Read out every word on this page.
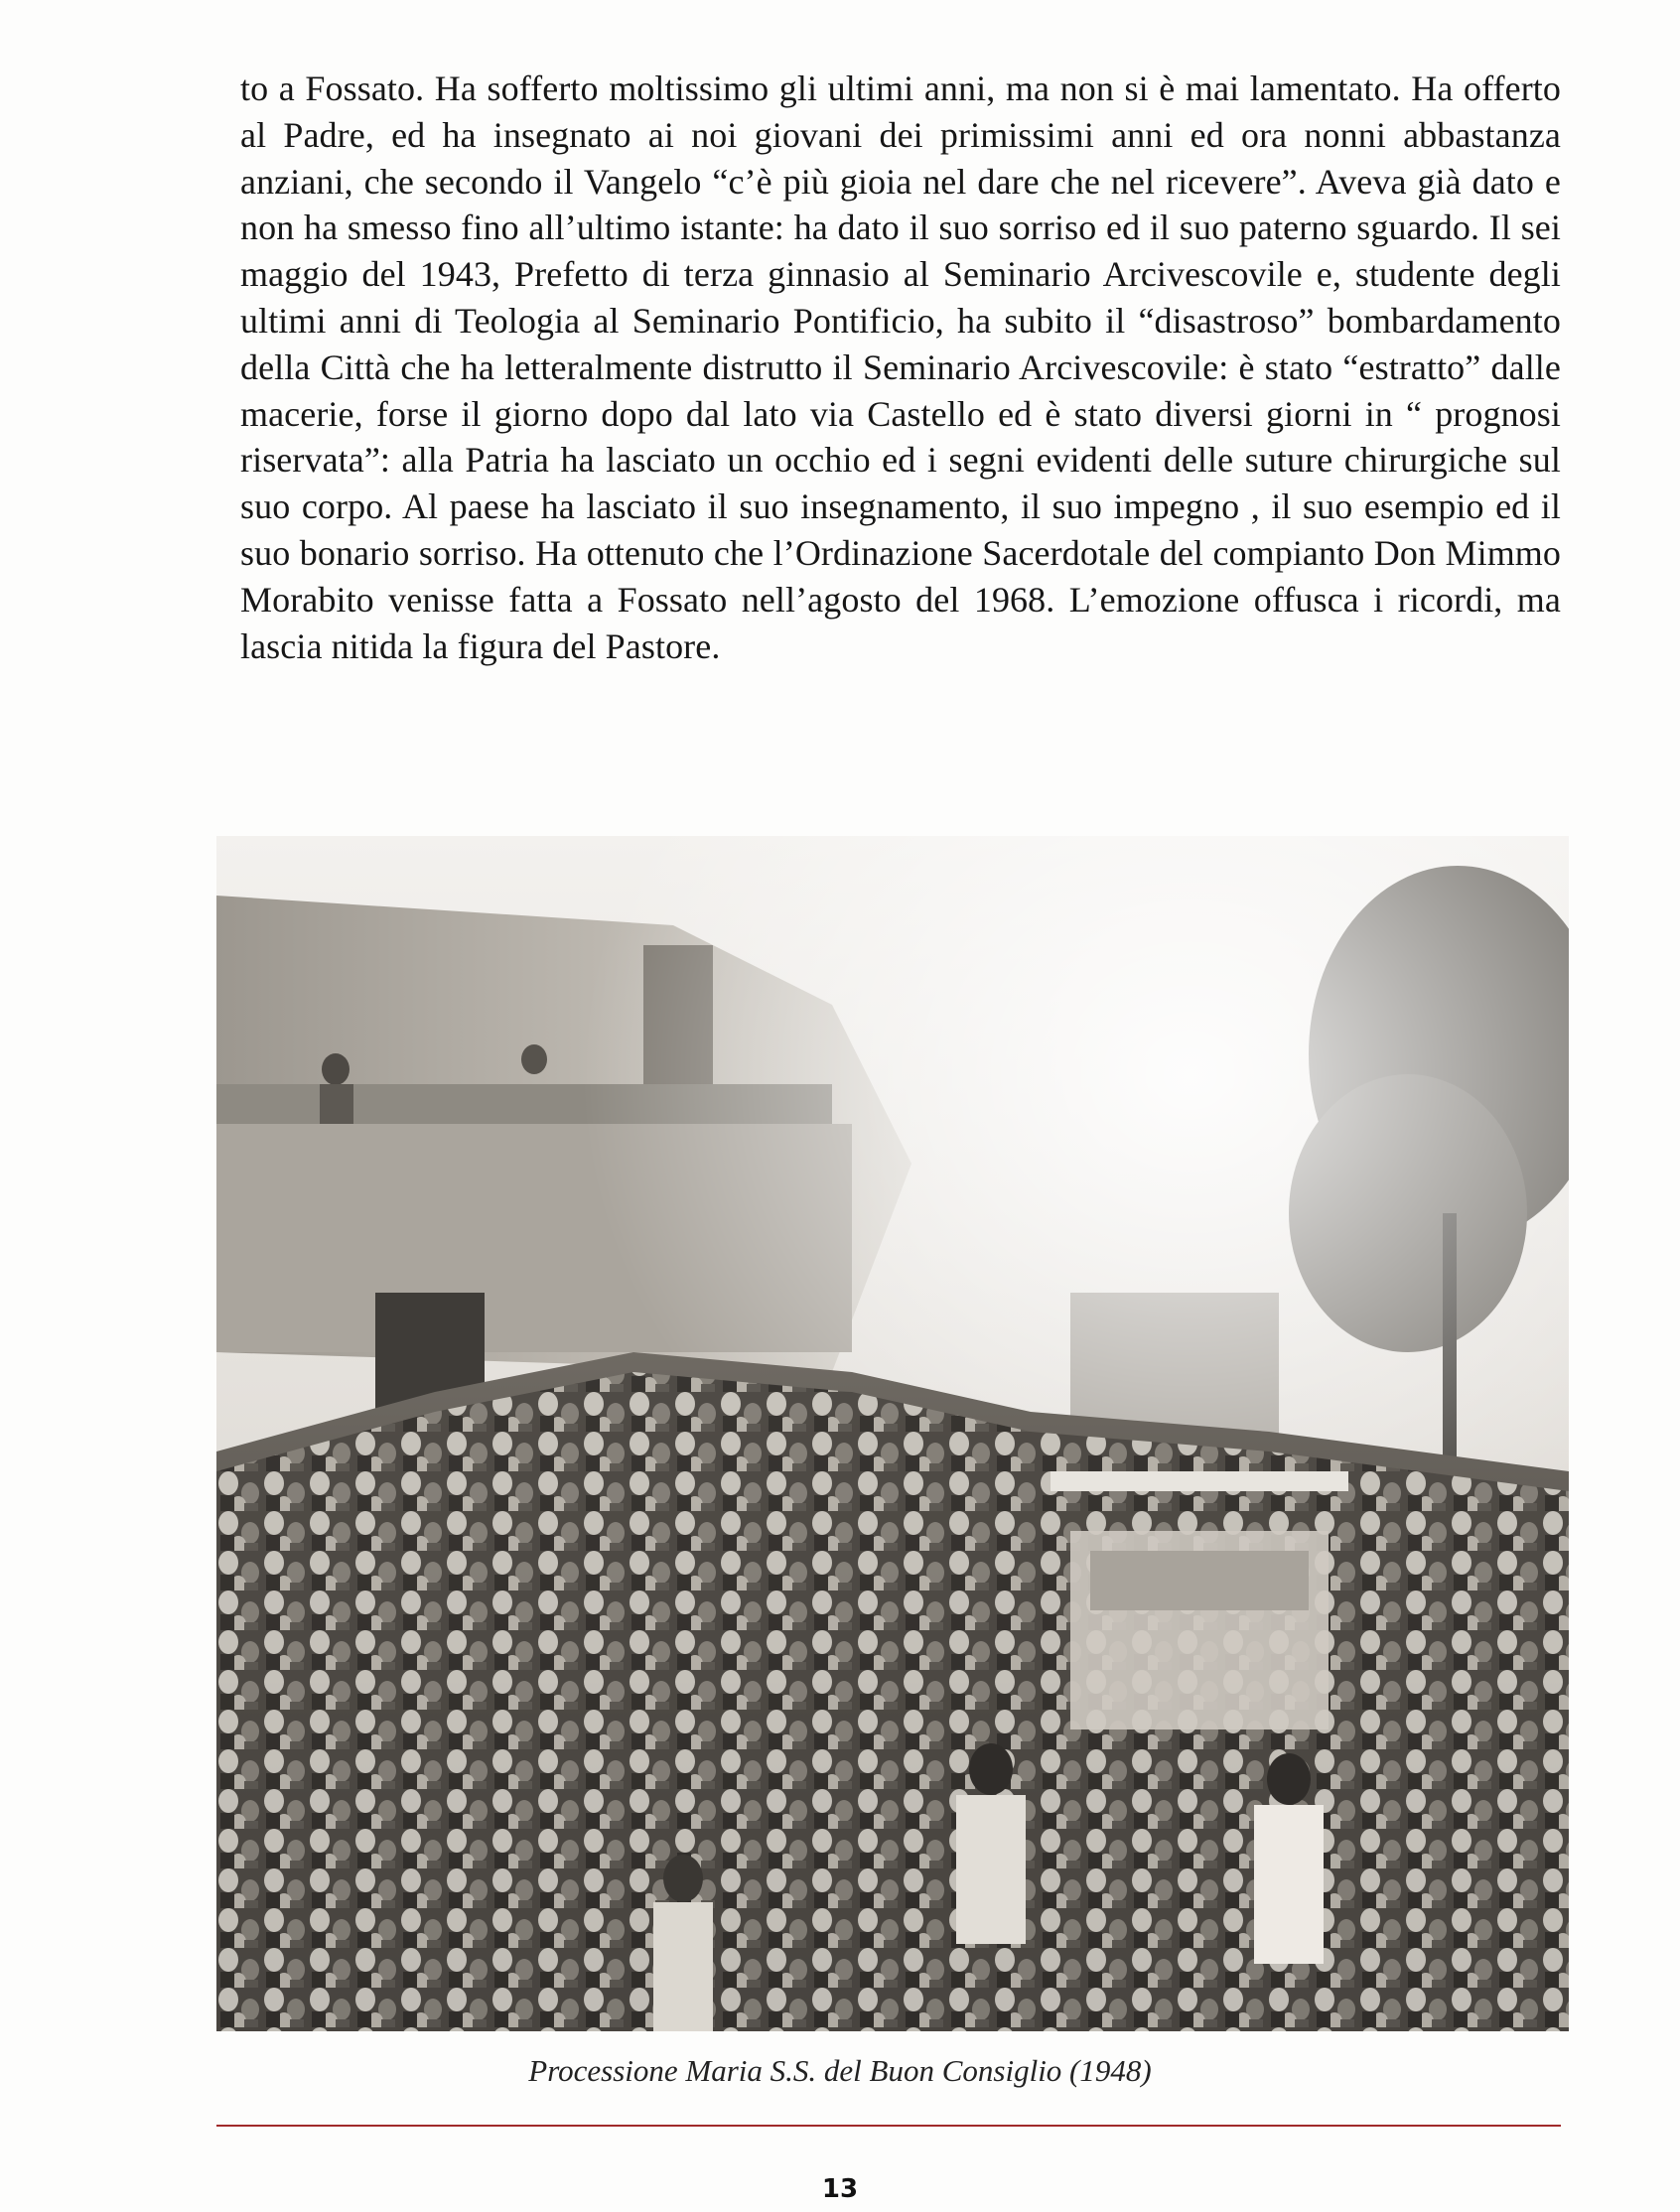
to a Fossato. Ha sofferto moltissimo gli ultimi anni, ma non si è mai lamentato. Ha offerto al Padre, ed ha insegnato ai noi giovani dei primissimi anni ed ora nonni abbastanza anziani, che secondo il Vangelo “c’è più gioia nel dare che nel ricevere”. Aveva già dato e non ha smesso fino all’ultimo istante: ha dato il suo sorriso ed il suo paterno sguardo. Il sei maggio del 1943, Prefetto di terza ginnasio al Seminario Arcivescovile e, studente degli ultimi anni di Teologia al Seminario Pontificio, ha subito il “disastroso” bombardamento della Città che ha letteralmente distrutto il Seminario Arcivescovile: è stato “estratto” dalle macerie, forse il giorno dopo dal lato via Castello ed è stato diversi giorni in “ prognosi riservata”: alla Patria ha lasciato un occhio ed i segni evidenti delle suture chirurgiche sul suo corpo. Al paese ha lasciato il suo insegnamento, il suo impegno , il suo esempio ed il suo bonario sorriso. Ha ottenuto che l’Ordinazione Sacerdotale del compianto Don Mimmo Morabito venisse fatta a Fossato nell’agosto del 1968. L’emozione offusca i ricordi, ma lascia nitida la figura del Pastore.

Processione Maria S.S. del Buon Consiglio (1948)
13
